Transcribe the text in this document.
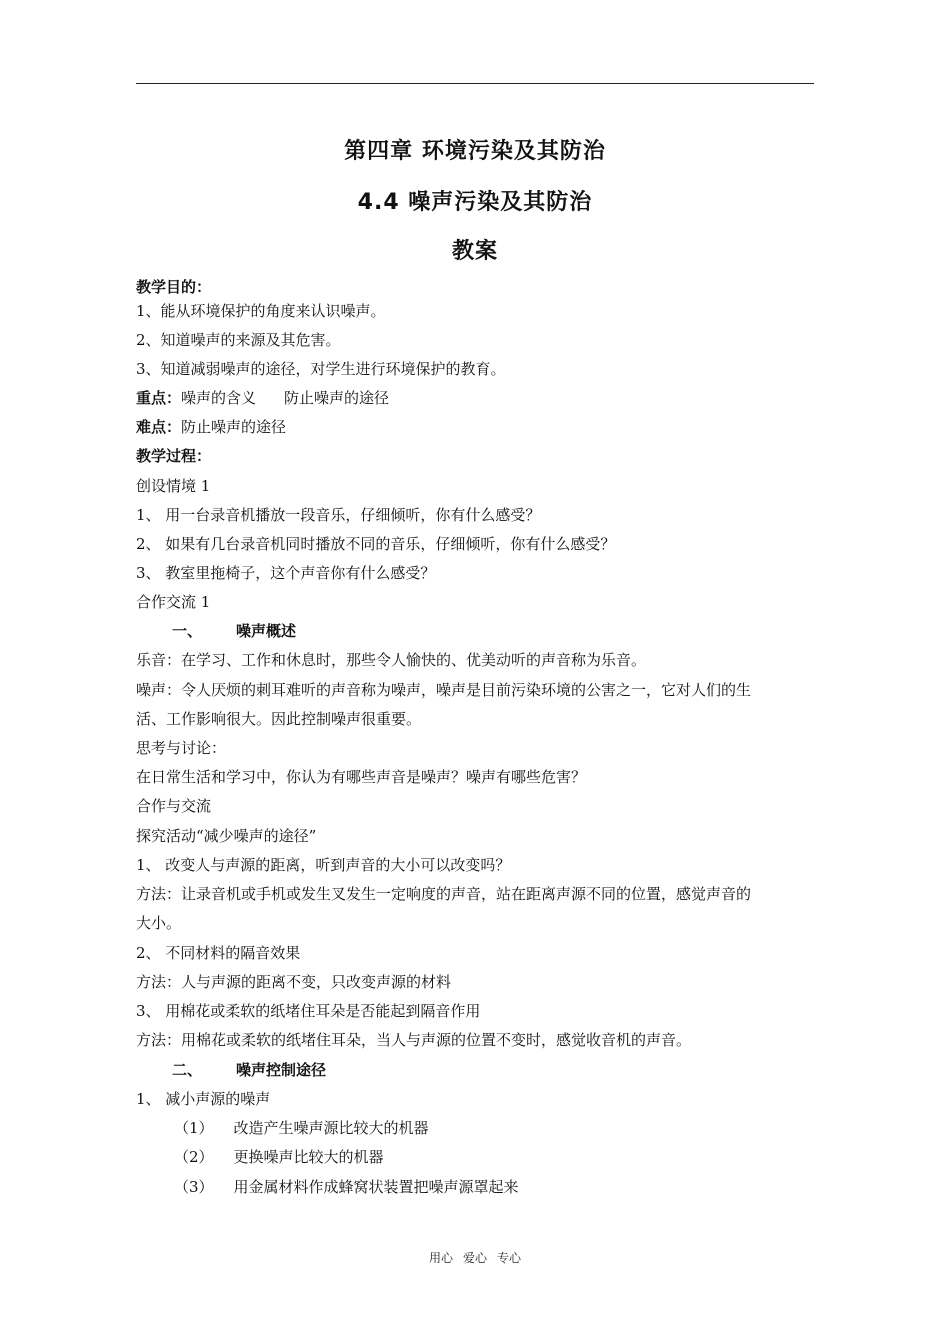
第四章 环境污染及其防治
4.4 噪声污染及其防治
教案
教学目的：
1、能从环境保护的角度来认识噪声。
2、知道噪声的来源及其危害。
3、知道减弱噪声的途径，对学生进行环境保护的教育。
重点：噪声的含义 防止噪声的途径
难点：防止噪声的途径
教学过程：
创设情境 1
1、 用一台录音机播放一段音乐，仔细倾听，你有什么感受？
2、 如果有几台录音机同时播放不同的音乐，仔细倾听，你有什么感受？
3、 教室里拖椅子，这个声音你有什么感受？
合作交流 1
一、 噪声概述
乐音：在学习、工作和休息时，那些令人愉快的、优美动听的声音称为乐音。
噪声：令人厌烦的刺耳难听的声音称为噪声，噪声是目前污染环境的公害之一，它对人们的生
活、工作影响很大。因此控制噪声很重要。
思考与讨论：
在日常生活和学习中，你认为有哪些声音是噪声？噪声有哪些危害？
合作与交流
探究活动“减少噪声的途径”
1、 改变人与声源的距离，听到声音的大小可以改变吗？
方法：让录音机或手机或发生叉发生一定响度的声音，站在距离声源不同的位置，感觉声音的
大小。
2、 不同材料的隔音效果
方法：人与声源的距离不变，只改变声源的材料
3、 用棉花或柔软的纸堵住耳朵是否能起到隔音作用
方法：用棉花或柔软的纸堵住耳朵，当人与声源的位置不变时，感觉收音机的声音。
二、 噪声控制途径
1、 减小声源的噪声
（1） 改造产生噪声源比较大的机器
（2） 更换噪声比较大的机器
（3） 用金属材料作成蜂窝状装置把噪声源罩起来
用心 爱心 专心
